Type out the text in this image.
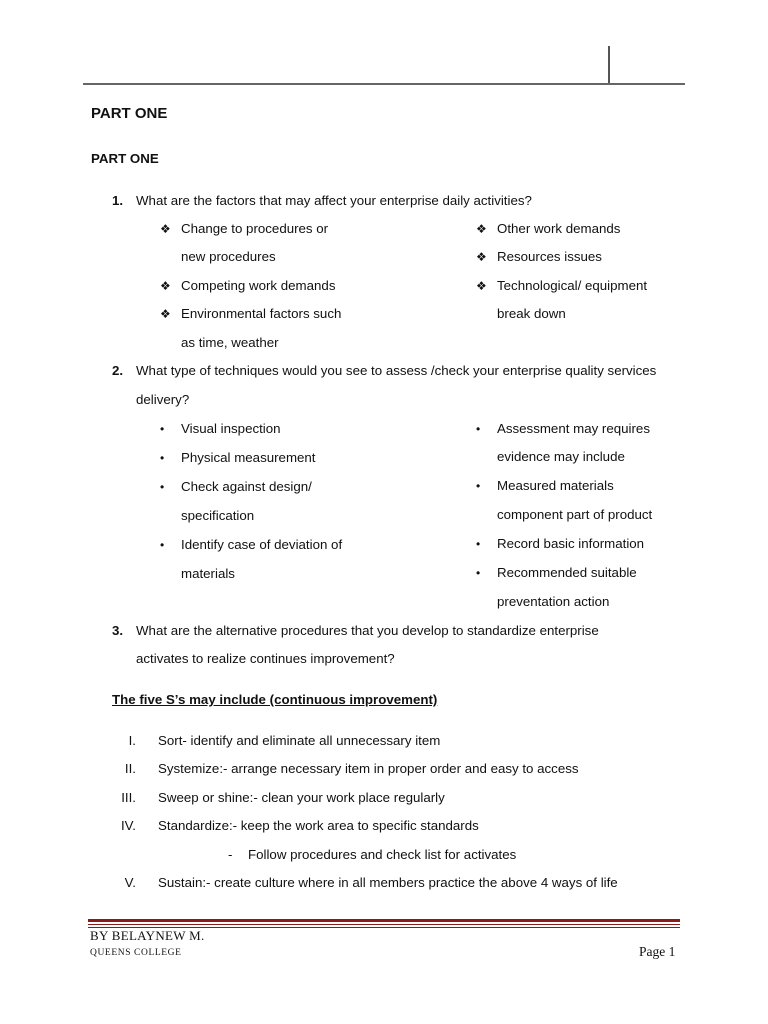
PART ONE
PART ONE
1. What are the factors that may affect your enterprise daily activities?
❖ Change to procedures or
new procedures
❖ Competing work demands
❖ Environmental factors such
as time, weather
❖ Other work demands
❖ Resources issues
❖ Technological/ equipment
break down
2. What type of techniques would you see to assess /check your enterprise quality services
delivery?
• Visual inspection
• Physical measurement
• Check against design/
specification
• Identify case of deviation of
materials
• Assessment may requires
evidence may include
• Measured materials
component part of product
• Record basic information
• Recommended suitable
preventation action
3. What are the alternative procedures that you develop to standardize enterprise
activates to realize continues improvement?
The five S’s may include (continuous improvement)
I. Sort- identify and eliminate all unnecessary item
II. Systemize:- arrange necessary item in proper order and easy to access
III. Sweep or shine:- clean your work place regularly
IV. Standardize:- keep the work area to specific standards
- Follow procedures and check list for activates
V. Sustain:- create culture where in all members practice the above 4 ways of life
BY BELAYNEW M.
QUEENS COLLEGE	Page 1
